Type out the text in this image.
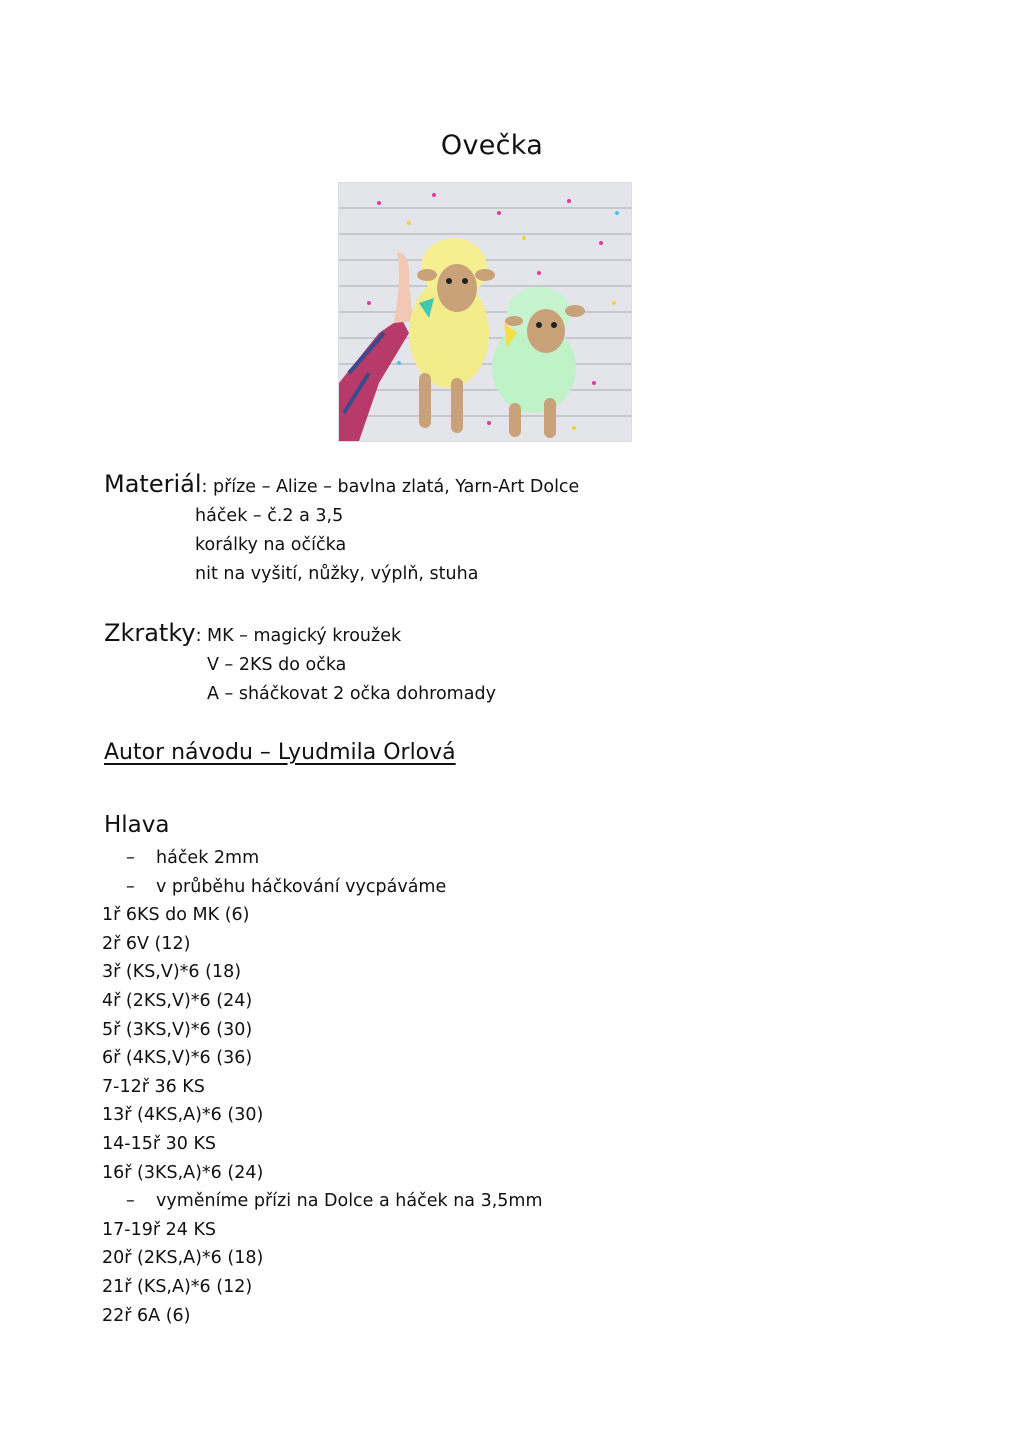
Ovečka
Materiál: příze – Alize – bavlna zlatá, Yarn-Art Dolce
háček – č.2 a 3,5
korálky na očíčka
nit na vyšití, nůžky, výplň, stuha
Zkratky: MK – magický kroužek
V – 2KS do očka
A – sháčkovat 2 očka dohromady
Autor návodu – Lyudmila Orlová
Hlava
– háček 2mm
– v průběhu háčkování vycpáváme
1ř 6KS do MK (6)
2ř 6V (12)
3ř (KS,V)*6 (18)
4ř (2KS,V)*6 (24)
5ř (3KS,V)*6 (30)
6ř (4KS,V)*6 (36)
7-12ř 36 KS
13ř (4KS,A)*6 (30)
14-15ř 30 KS
16ř (3KS,A)*6 (24)
– vyměníme přízi na Dolce a háček na 3,5mm
17-19ř 24 KS
20ř (2KS,A)*6 (18)
21ř (KS,A)*6 (12)
22ř 6A (6)
